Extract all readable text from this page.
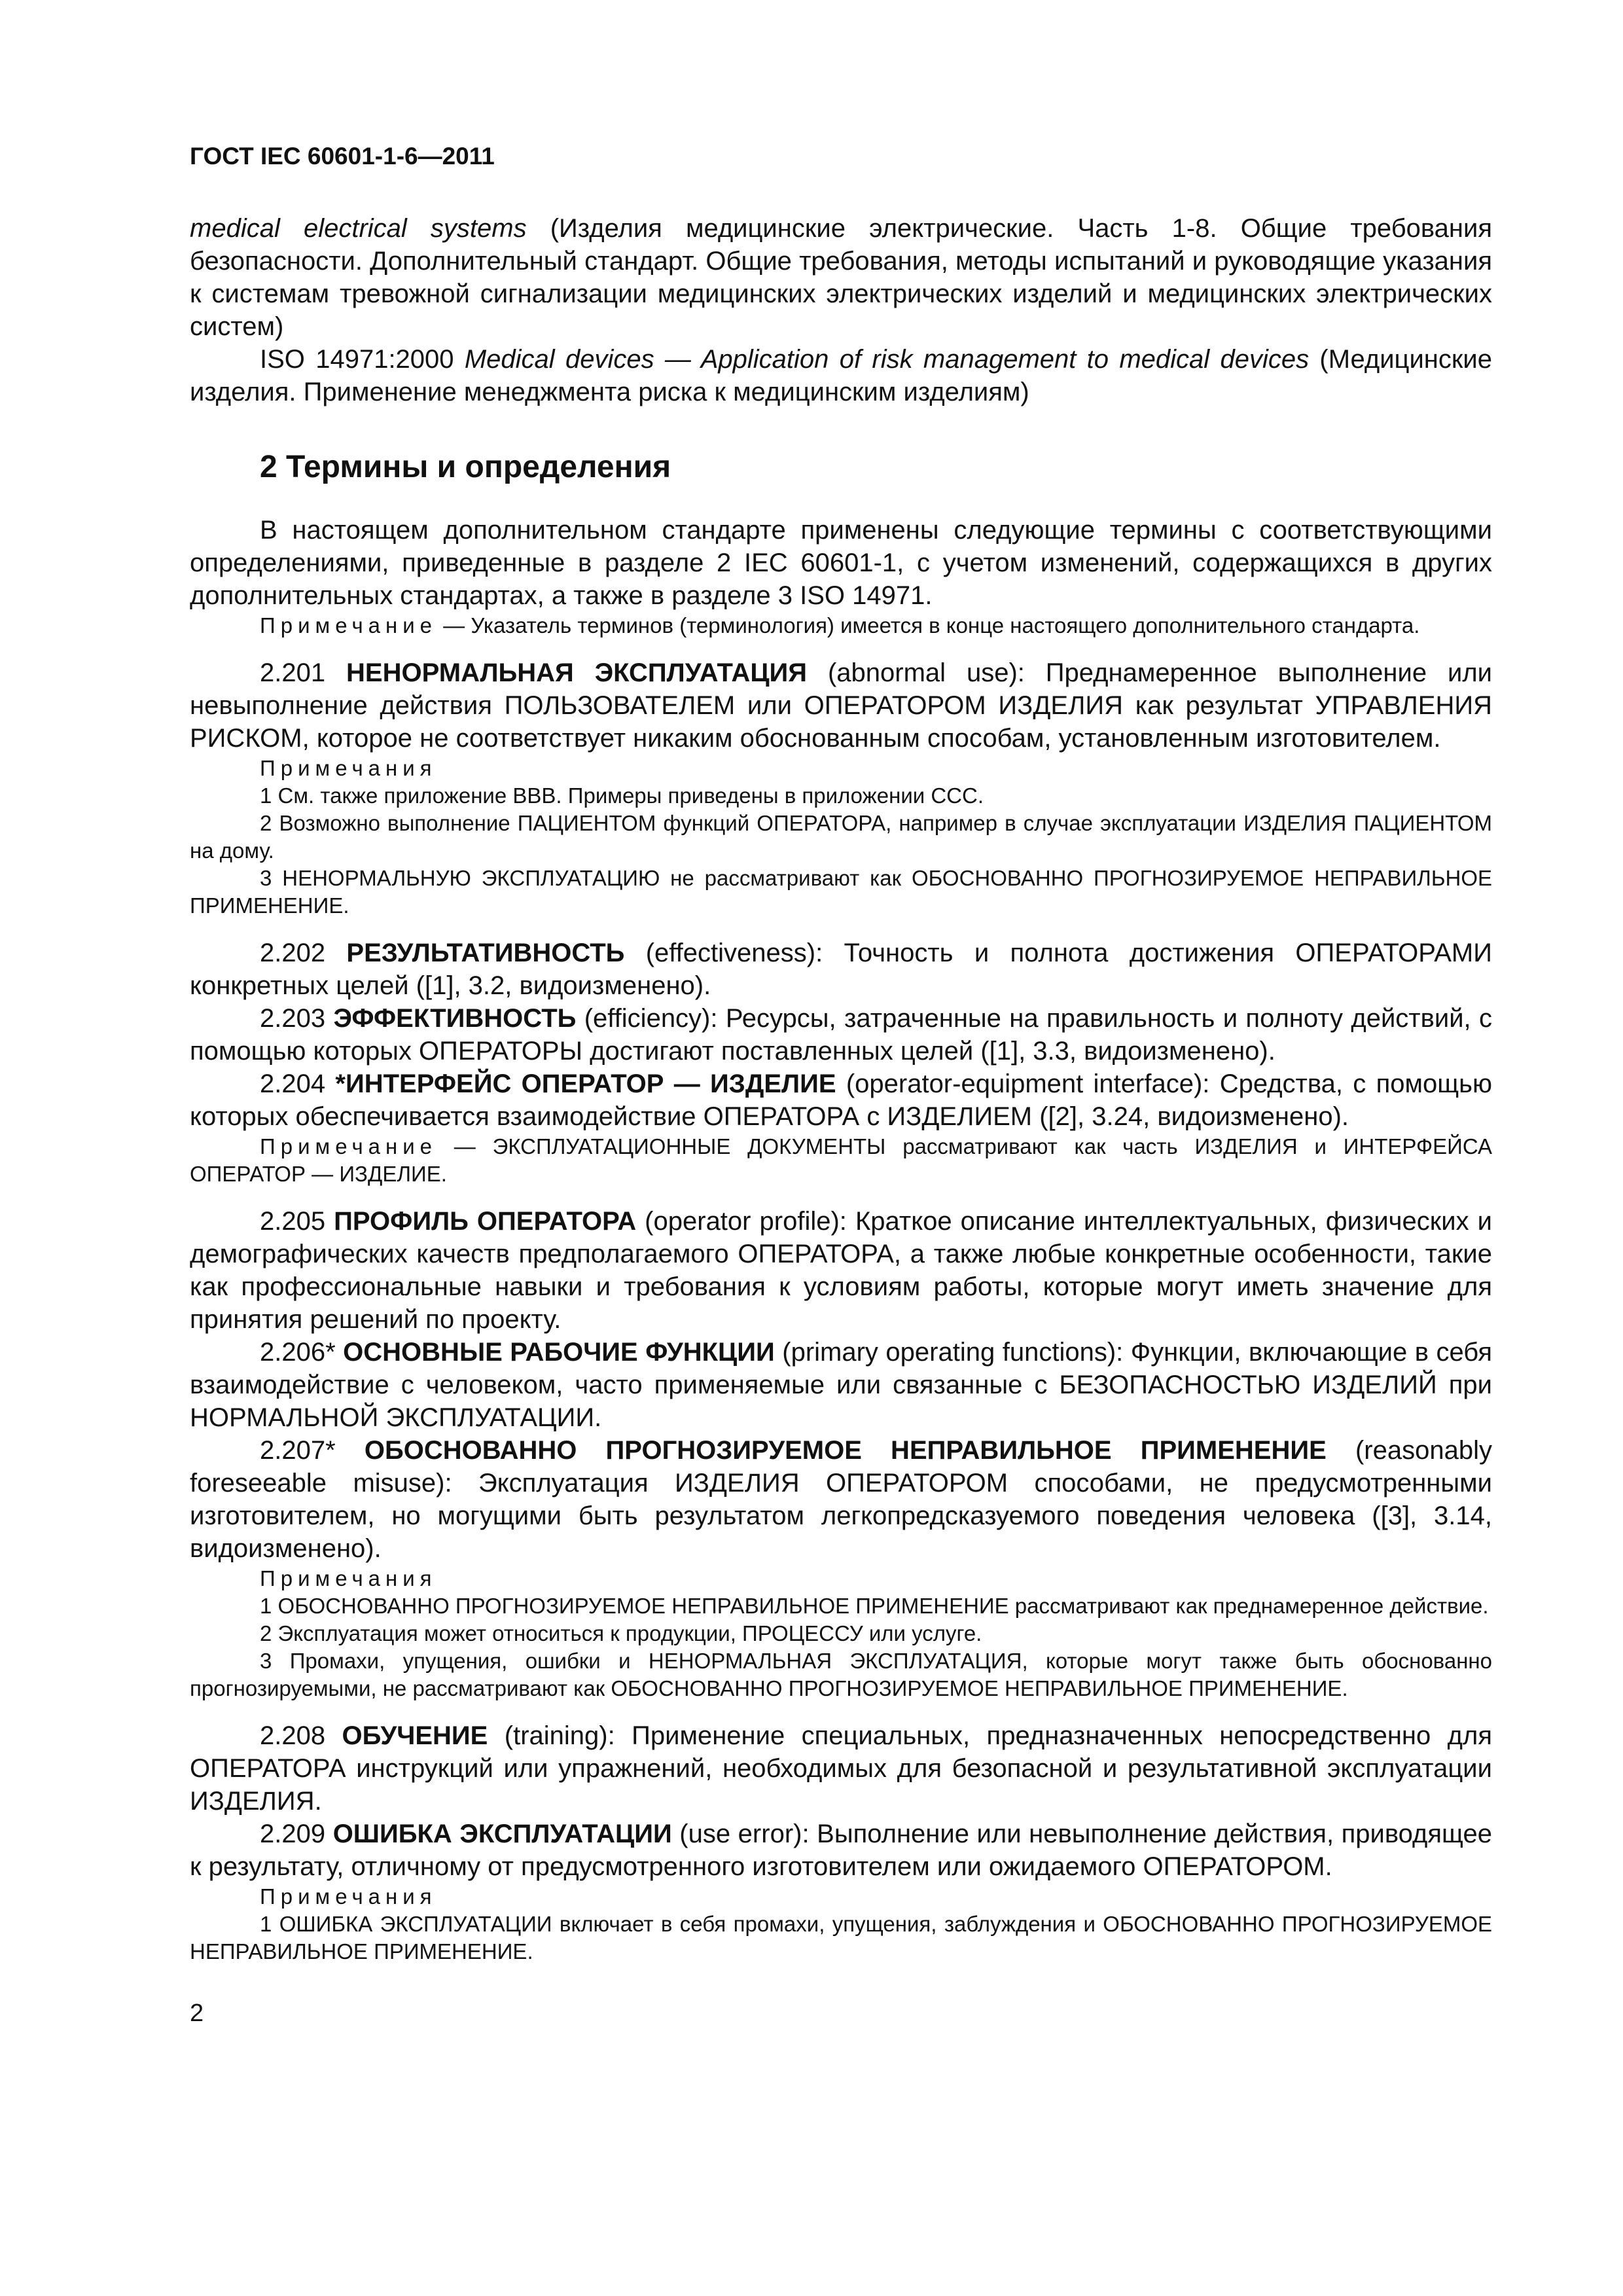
ГОСТ IEC 60601-1-6—2011

medical electrical systems (Изделия медицинские электрические. Часть 1-8. Общие требования безопасности. Дополнительный стандарт. Общие требования, методы испытаний и руководящие указания к системам тревожной сигнализации медицинских электрических изделий и медицинских электрических систем)

ISO 14971:2000 Medical devices — Application of risk management to medical devices (Медицинские изделия. Применение менеджмента риска к медицинским изделиям)

2 Термины и определения

В настоящем дополнительном стандарте применены следующие термины с соответствующими определениями, приведенные в разделе 2 IEC 60601-1, с учетом изменений, содержащихся в других дополнительных стандартах, а также в разделе 3 ISO 14971.

Примечание — Указатель терминов (терминология) имеется в конце настоящего дополнительного стандарта.

2.201 НЕНОРМАЛЬНАЯ ЭКСПЛУАТАЦИЯ (abnormal use): Преднамеренное выполнение или невыполнение действия ПОЛЬЗОВАТЕЛЕМ или ОПЕРАТОРОМ ИЗДЕЛИЯ как результат УПРАВЛЕНИЯ РИСКОМ, которое не соответствует никаким обоснованным способам, установленным изготовителем.

Примечания

1 См. также приложение ВВВ. Примеры приведены в приложении ССС.

2 Возможно выполнение ПАЦИЕНТОМ функций ОПЕРАТОРА, например в случае эксплуатации ИЗДЕЛИЯ ПАЦИЕНТОМ на дому.

3 НЕНОРМАЛЬНУЮ ЭКСПЛУАТАЦИЮ не рассматривают как ОБОСНОВАННО ПРОГНОЗИРУЕМОЕ НЕПРАВИЛЬНОЕ ПРИМЕНЕНИЕ.

2.202 РЕЗУЛЬТАТИВНОСТЬ (effectiveness): Точность и полнота достижения ОПЕРАТОРАМИ конкретных целей ([1], 3.2, видоизменено).

2.203 ЭФФЕКТИВНОСТЬ (efficiency): Ресурсы, затраченные на правильность и полноту действий, с помощью которых ОПЕРАТОРЫ достигают поставленных целей ([1], 3.3, видоизменено).

2.204 *ИНТЕРФЕЙС ОПЕРАТОР — ИЗДЕЛИЕ (operator-equipment interface): Средства, с помощью которых обеспечивается взаимодействие ОПЕРАТОРА с ИЗДЕЛИЕМ ([2], 3.24, видоизменено).

Примечание — ЭКСПЛУАТАЦИОННЫЕ ДОКУМЕНТЫ рассматривают как часть ИЗДЕЛИЯ и ИНТЕРФЕЙСА ОПЕРАТОР — ИЗДЕЛИЕ.

2.205 ПРОФИЛЬ ОПЕРАТОРА (operator profile): Краткое описание интеллектуальных, физических и демографических качеств предполагаемого ОПЕРАТОРА, а также любые конкретные особенности, такие как профессиональные навыки и требования к условиям работы, которые могут иметь значение для принятия решений по проекту.

2.206* ОСНОВНЫЕ РАБОЧИЕ ФУНКЦИИ (primary operating functions): Функции, включающие в себя взаимодействие с человеком, часто применяемые или связанные с БЕЗОПАСНОСТЬЮ ИЗДЕЛИЙ при НОРМАЛЬНОЙ ЭКСПЛУАТАЦИИ.

2.207* ОБОСНОВАННО ПРОГНОЗИРУЕМОЕ НЕПРАВИЛЬНОЕ ПРИМЕНЕНИЕ (reasonably foreseeable misuse): Эксплуатация ИЗДЕЛИЯ ОПЕРАТОРОМ способами, не предусмотренными изготовителем, но могущими быть результатом легкопредсказуемого поведения человека ([3], 3.14, видоизменено).

Примечания

1 ОБОСНОВАННО ПРОГНОЗИРУЕМОЕ НЕПРАВИЛЬНОЕ ПРИМЕНЕНИЕ рассматривают как преднамеренное действие.

2 Эксплуатация может относиться к продукции, ПРОЦЕССУ или услуге.

3 Промахи, упущения, ошибки и НЕНОРМАЛЬНАЯ ЭКСПЛУАТАЦИЯ, которые могут также быть обоснованно прогнозируемыми, не рассматривают как ОБОСНОВАННО ПРОГНОЗИРУЕМОЕ НЕПРАВИЛЬНОЕ ПРИМЕНЕНИЕ.

2.208 ОБУЧЕНИЕ (training): Применение специальных, предназначенных непосредственно для ОПЕРАТОРА инструкций или упражнений, необходимых для безопасной и результативной эксплуатации ИЗДЕЛИЯ.

2.209 ОШИБКА ЭКСПЛУАТАЦИИ (use error): Выполнение или невыполнение действия, приводящее к результату, отличному от предусмотренного изготовителем или ожидаемого ОПЕРАТОРОМ.

Примечания

1 ОШИБКА ЭКСПЛУАТАЦИИ включает в себя промахи, упущения, заблуждения и ОБОСНОВАННО ПРОГНОЗИРУЕМОЕ НЕПРАВИЛЬНОЕ ПРИМЕНЕНИЕ.

2
